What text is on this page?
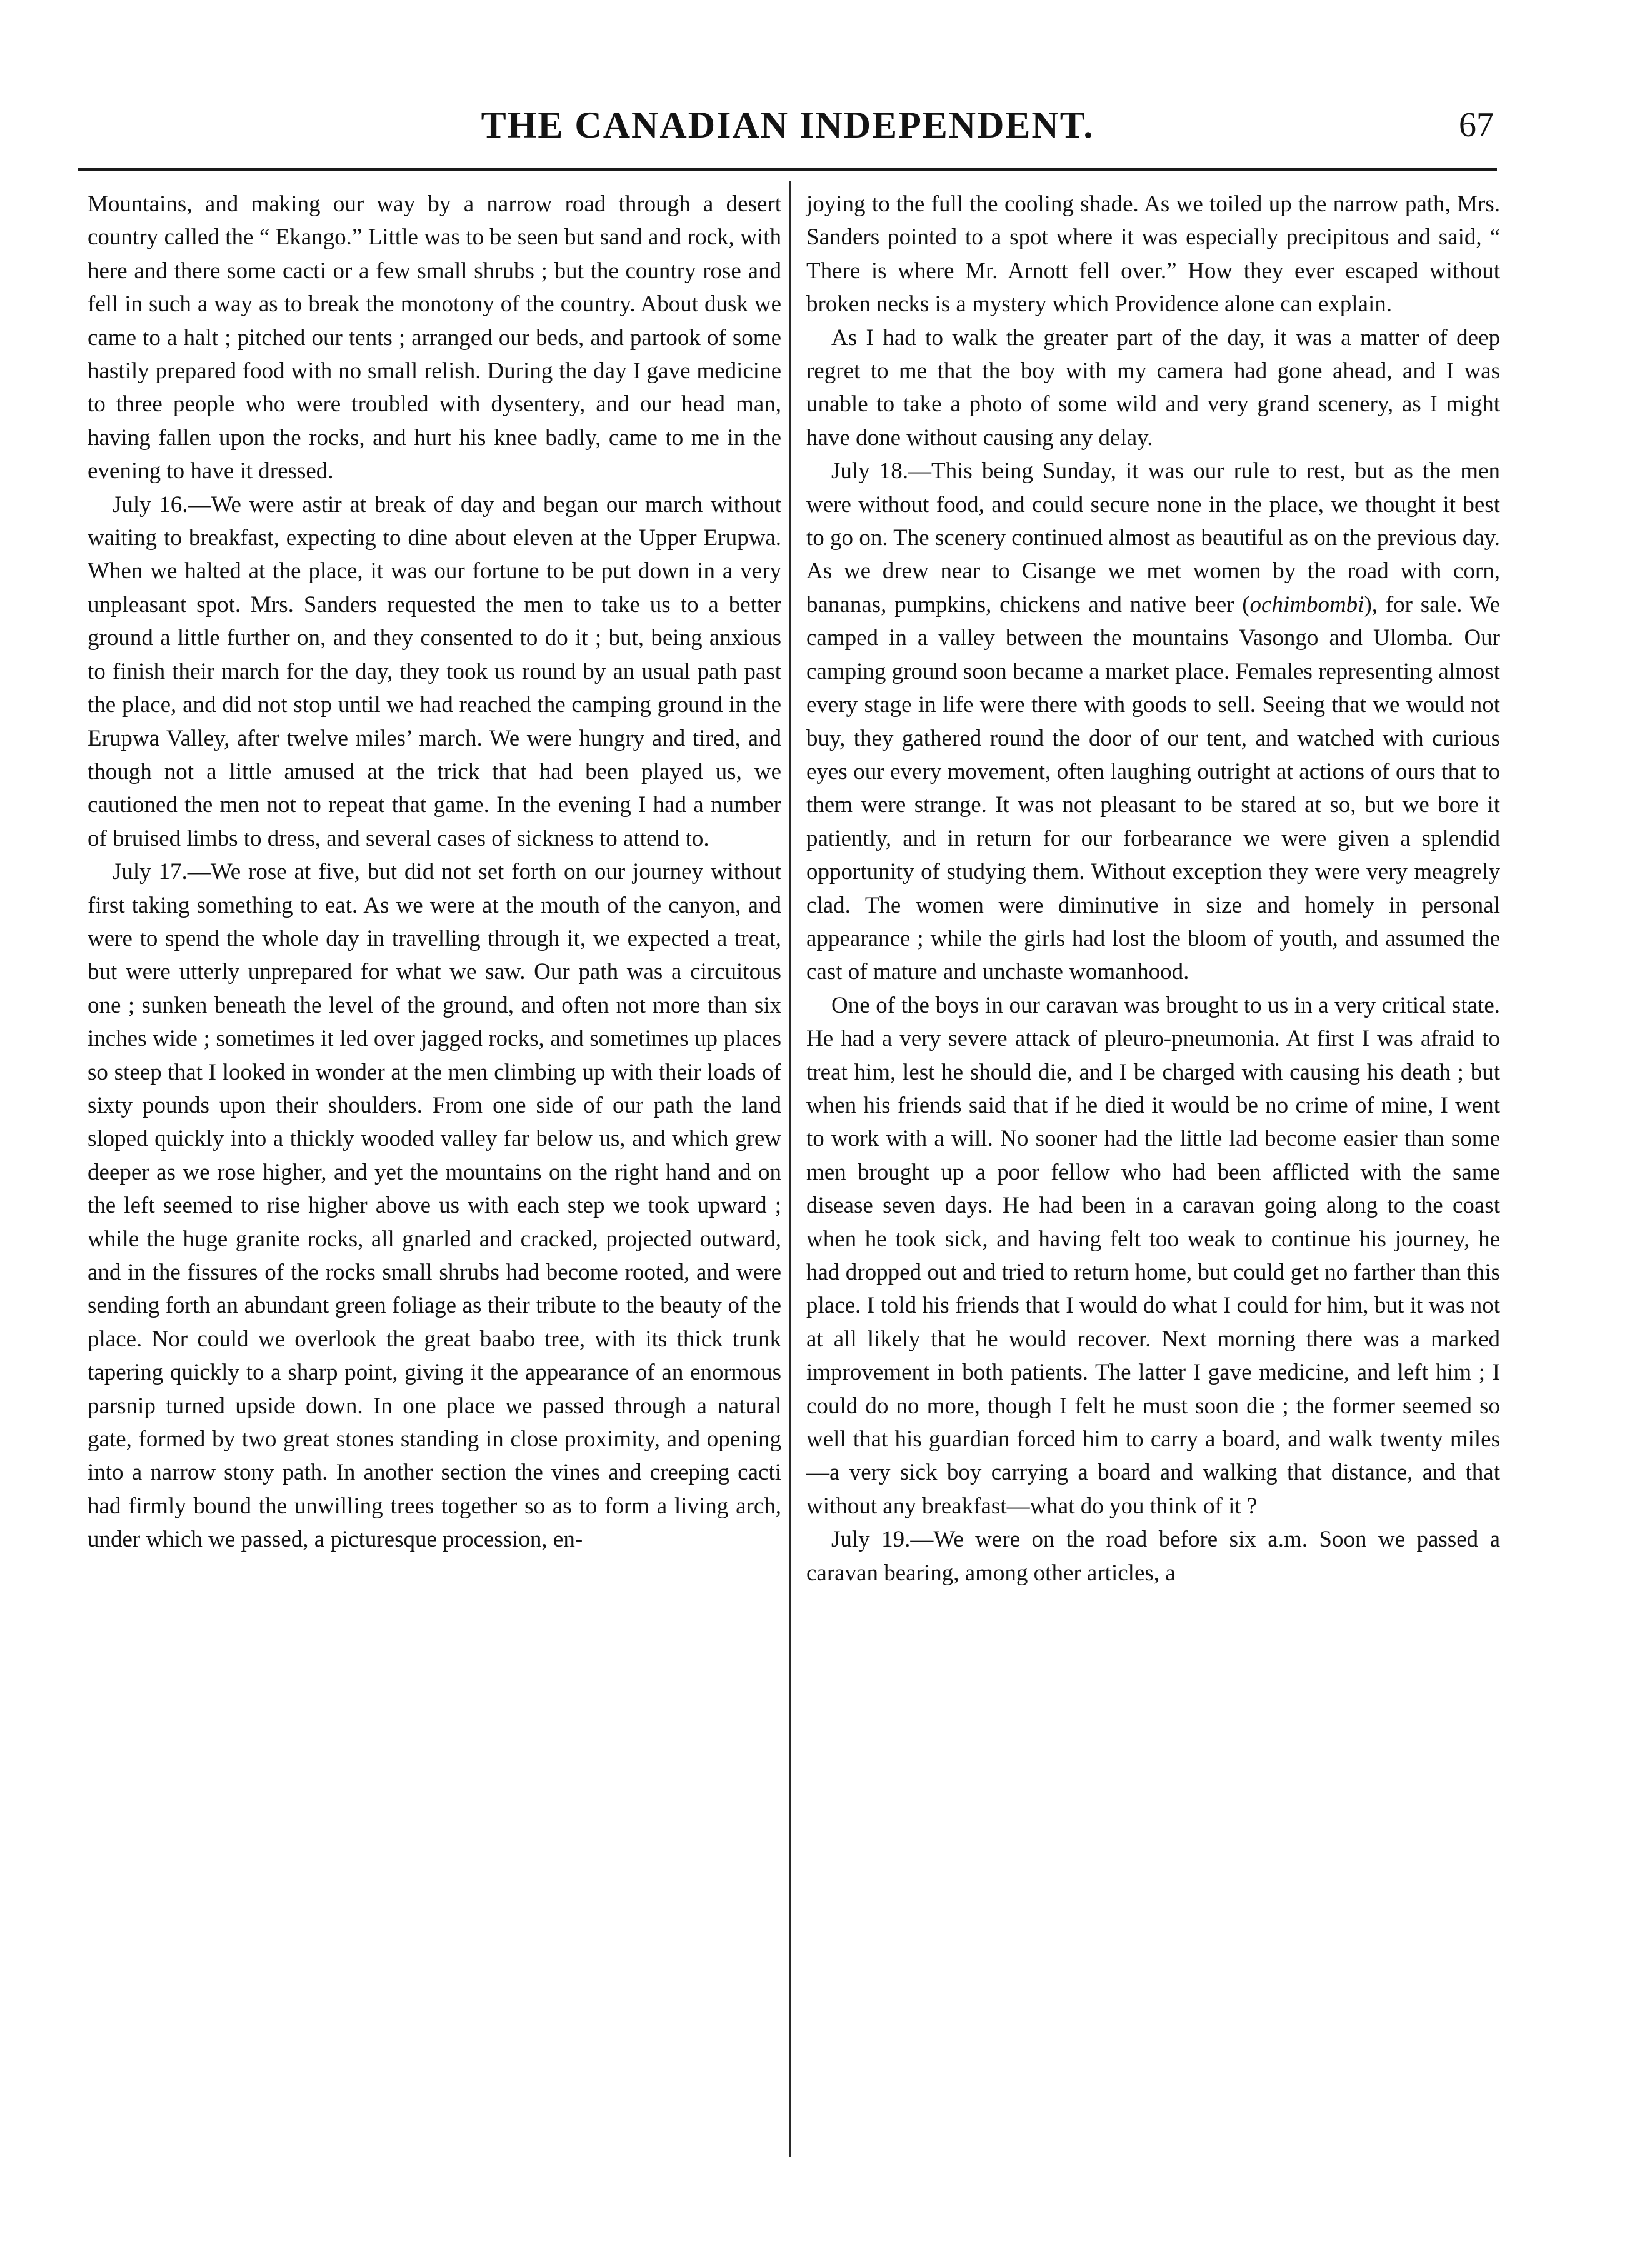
THE CANADIAN INDEPENDENT.	67

Mountains, and making our way by a narrow road through a desert country called the “ Ekango.” Little was to be seen but sand and rock, with here and there some cacti or a few small shrubs ; but the country rose and fell in such a way as to break the monotony of the country. About dusk we came to a halt ; pitched our tents ; arranged our beds, and partook of some hastily prepared food with no small relish. During the day I gave medicine to three people who were troubled with dysentery, and our head man, having fallen upon the rocks, and hurt his knee badly, came to me in the evening to have it dressed.

July 16.—We were astir at break of day and began our march without waiting to breakfast, expecting to dine about eleven at the Upper Erupwa. When we halted at the place, it was our fortune to be put down in a very unpleasant spot. Mrs. Sanders requested the men to take us to a better ground a little further on, and they consented to do it ; but, being anxious to finish their march for the day, they took us round by an usual path past the place, and did not stop until we had reached the camping ground in the Erupwa Valley, after twelve miles’ march. We were hungry and tired, and though not a little amused at the trick that had been played us, we cautioned the men not to repeat that game. In the evening I had a number of bruised limbs to dress, and several cases of sickness to attend to.

July 17.—We rose at five, but did not set forth on our journey without first taking something to eat. As we were at the mouth of the canyon, and were to spend the whole day in travelling through it, we expected a treat, but were utterly unprepared for what we saw. Our path was a circuitous one ; sunken beneath the level of the ground, and often not more than six inches wide ; sometimes it led over jagged rocks, and sometimes up places so steep that I looked in wonder at the men climbing up with their loads of sixty pounds upon their shoulders. From one side of our path the land sloped quickly into a thickly wooded valley far below us, and which grew deeper as we rose higher, and yet the mountains on the right hand and on the left seemed to rise higher above us with each step we took upward ; while the huge granite rocks, all gnarled and cracked, projected outward, and in the fissures of the rocks small shrubs had become rooted, and were sending forth an abundant green foliage as their tribute to the beauty of the place. Nor could we overlook the great baabo tree, with its thick trunk tapering quickly to a sharp point, giving it the appearance of an enormous parsnip turned upside down. In one place we passed through a natural gate, formed by two great stones standing in close proximity, and opening into a narrow stony path. In another section the vines and creeping cacti had firmly bound the unwilling trees together so as to form a living arch, under which we passed, a picturesque procession, en-

joying to the full the cooling shade. As we toiled up the narrow path, Mrs. Sanders pointed to a spot where it was especially precipitous and said, “ There is where Mr. Arnott fell over.” How they ever escaped without broken necks is a mystery which Providence alone can explain.

As I had to walk the greater part of the day, it was a matter of deep regret to me that the boy with my camera had gone ahead, and I was unable to take a photo of some wild and very grand scenery, as I might have done without causing any delay.

July 18.—This being Sunday, it was our rule to rest, but as the men were without food, and could secure none in the place, we thought it best to go on. The scenery continued almost as beautiful as on the previous day. As we drew near to Cisange we met women by the road with corn, bananas, pumpkins, chickens and native beer (ochimbombi), for sale. We camped in a valley between the mountains Vasongo and Ulomba. Our camping ground soon became a market place. Females representing almost every stage in life were there with goods to sell. Seeing that we would not buy, they gathered round the door of our tent, and watched with curious eyes our every movement, often laughing outright at actions of ours that to them were strange. It was not pleasant to be stared at so, but we bore it patiently, and in return for our forbearance we were given a splendid opportunity of studying them. Without exception they were very meagrely clad. The women were diminutive in size and homely in personal appearance ; while the girls had lost the bloom of youth, and assumed the cast of mature and unchaste womanhood.

One of the boys in our caravan was brought to us in a very critical state. He had a very severe attack of pleuro-pneumonia. At first I was afraid to treat him, lest he should die, and I be charged with causing his death ; but when his friends said that if he died it would be no crime of mine, I went to work with a will. No sooner had the little lad become easier than some men brought up a poor fellow who had been afflicted with the same disease seven days. He had been in a caravan going along to the coast when he took sick, and having felt too weak to continue his journey, he had dropped out and tried to return home, but could get no farther than this place. I told his friends that I would do what I could for him, but it was not at all likely that he would recover. Next morning there was a marked improvement in both patients. The latter I gave medicine, and left him ; I could do no more, though I felt he must soon die ; the former seemed so well that his guardian forced him to carry a board, and walk twenty miles—a very sick boy carrying a board and walking that distance, and that without any breakfast—what do you think of it ?

July 19.—We were on the road before six a.m. Soon we passed a caravan bearing, among other articles, a
